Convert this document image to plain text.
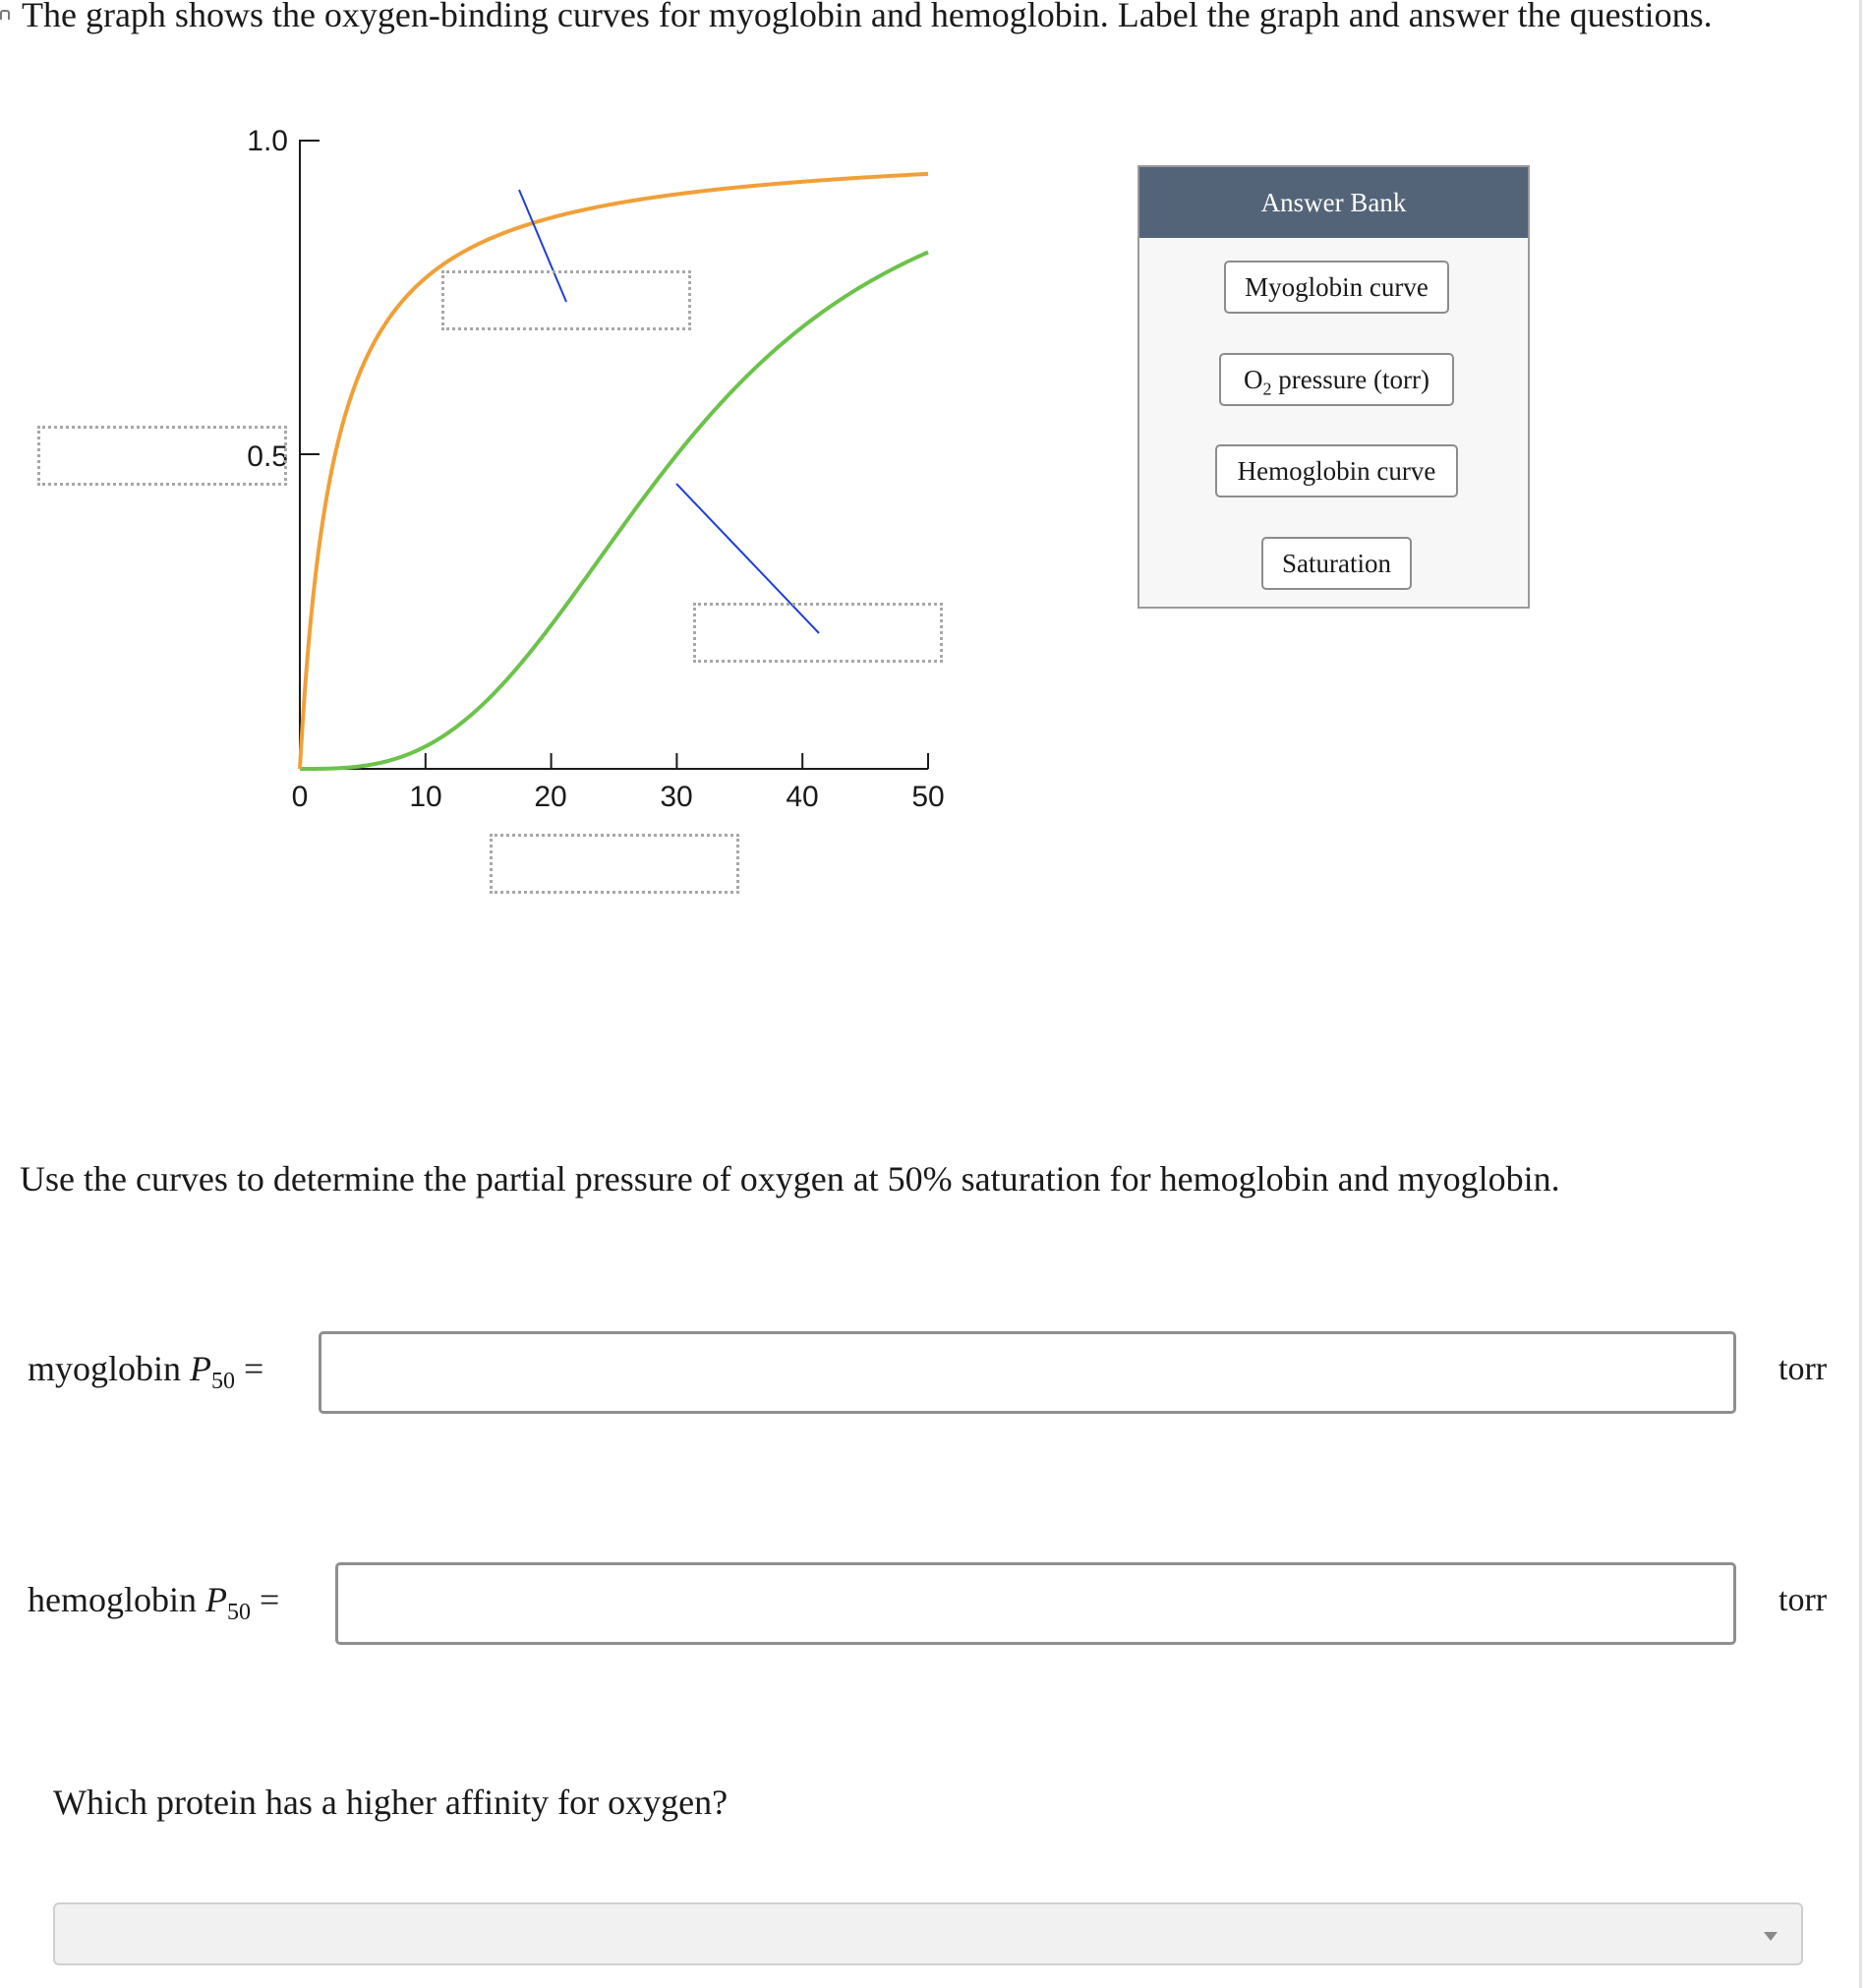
The graph shows the oxygen-binding curves for myoglobin and hemoglobin. Label the graph and answer the questions.
0	10	20	30	40	50
1.0
0.5
Answer Bank
Myoglobin curve
$O_2$ pressure (torr)
Hemoglobin curve
Saturation
Use the curves to determine the partial pressure of oxygen at 50% saturation for hemoglobin and myoglobin.
myoglobin $P_{50}$ =	torr
hemoglobin $P_{50}$ =	torr
Which protein has a higher affinity for oxygen?
